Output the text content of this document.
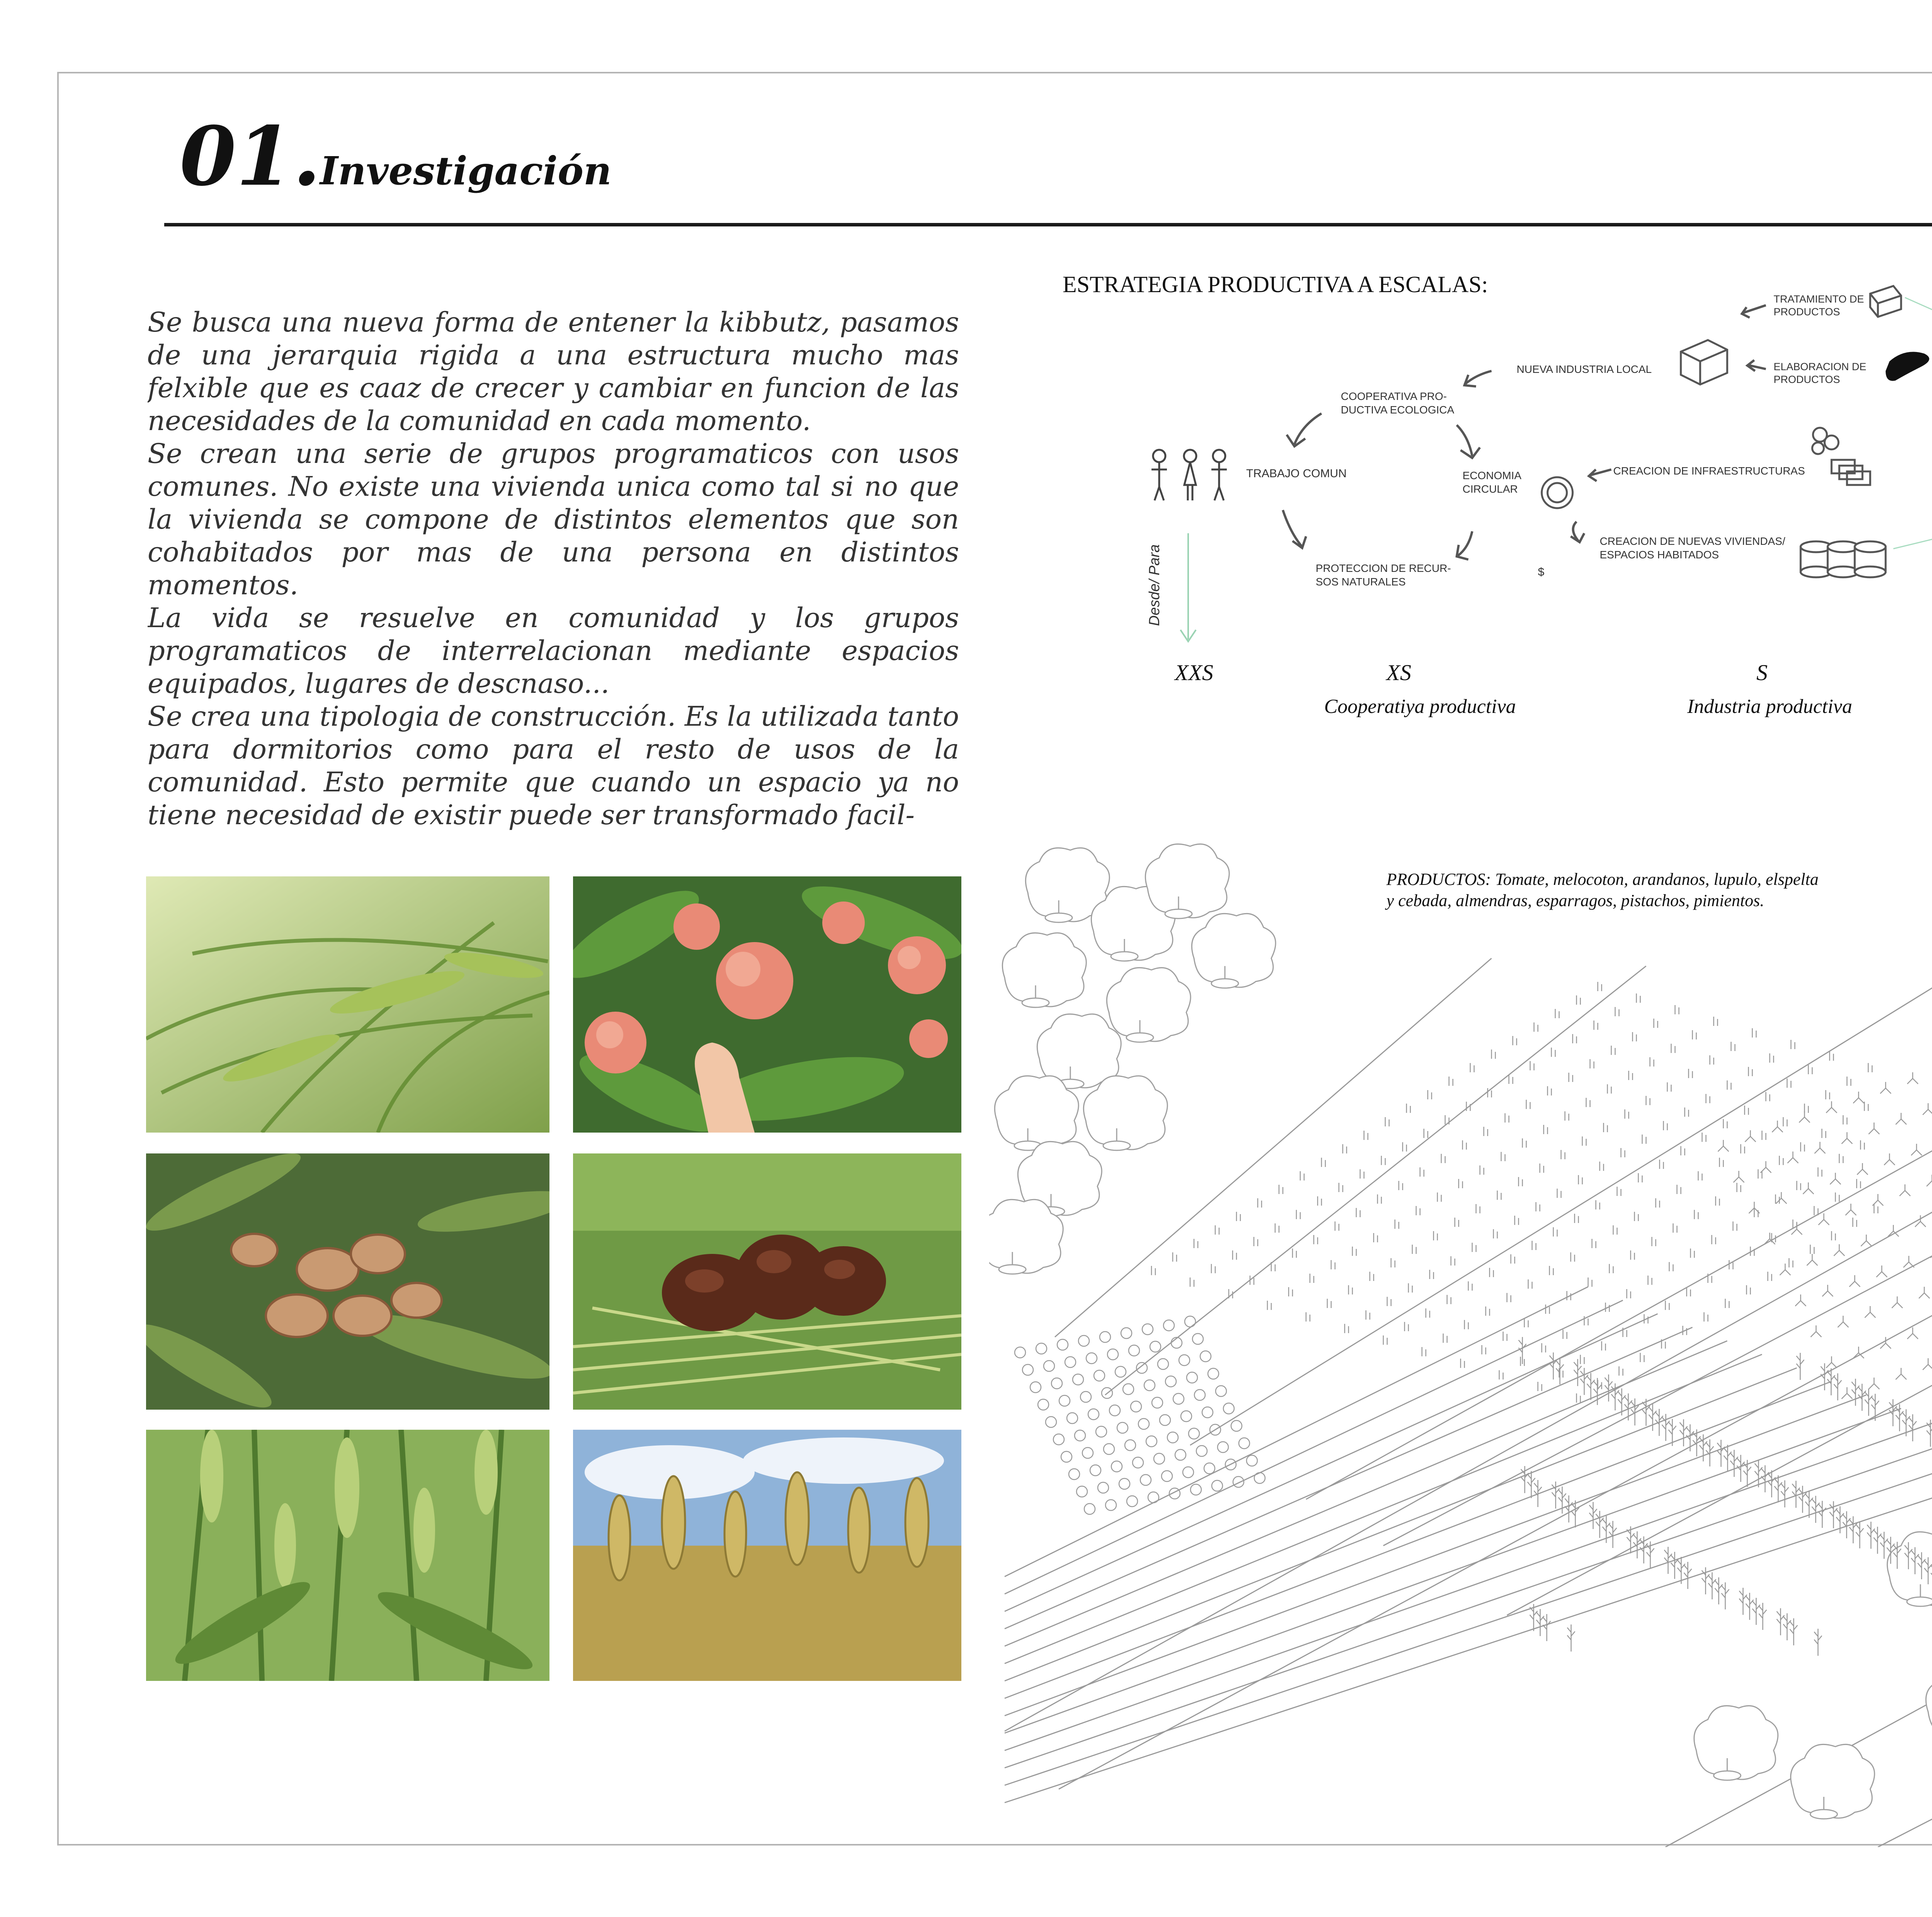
01.
Investigación

Se busca una nueva forma de entener la kibbutz, pasamos de una jerarquia rigida a una estructura mucho mas felxible que es caaz de crecer y cambiar en funcion de las necesidades de la comunidad en cada momento.

Se crean una serie de grupos programaticos con usos comunes. No existe una vivienda unica como tal si no que la vivienda se compone de distintos elementos que son cohabitados por mas de una persona en distintos momentos.

La vida se resuelve en comunidad y los grupos programaticos de interrelacionan mediante espacios equipados, lugares de descnaso...

Se crea una tipologia de construcción. Es la utilizada tanto para dormitorios como para el resto de usos de la comunidad. Esto permite que cuando un espacio ya no tiene necesidad de existir puede ser transformado facil-

ESTRATEGIA PRODUCTIVA A ESCALAS:
Desde/ Para
TRABAJO COMUN
COOPERATIVA PRO-
DUCTIVA ECOLOGICA
ECONOMIA
CIRCULAR
PROTECCION DE RECUR-
SOS NATURALES
NUEVA INDUSTRIA LOCAL
TRATAMIENTO DE
PRODUCTOS
ELABORACION DE
PRODUCTOS
CREACION DE INFRAESTRUCTURAS
CREACION DE NUEVAS VIVIENDAS/
ESPACIOS HABITADOS
$
XXS	XS
Cooperatiya productiva
S
Industria productiva
PRODUCTOS: Tomate, melocoton, arandanos, lupulo, elspelta
y cebada, almendras, esparragos, pistachos, pimientos.
